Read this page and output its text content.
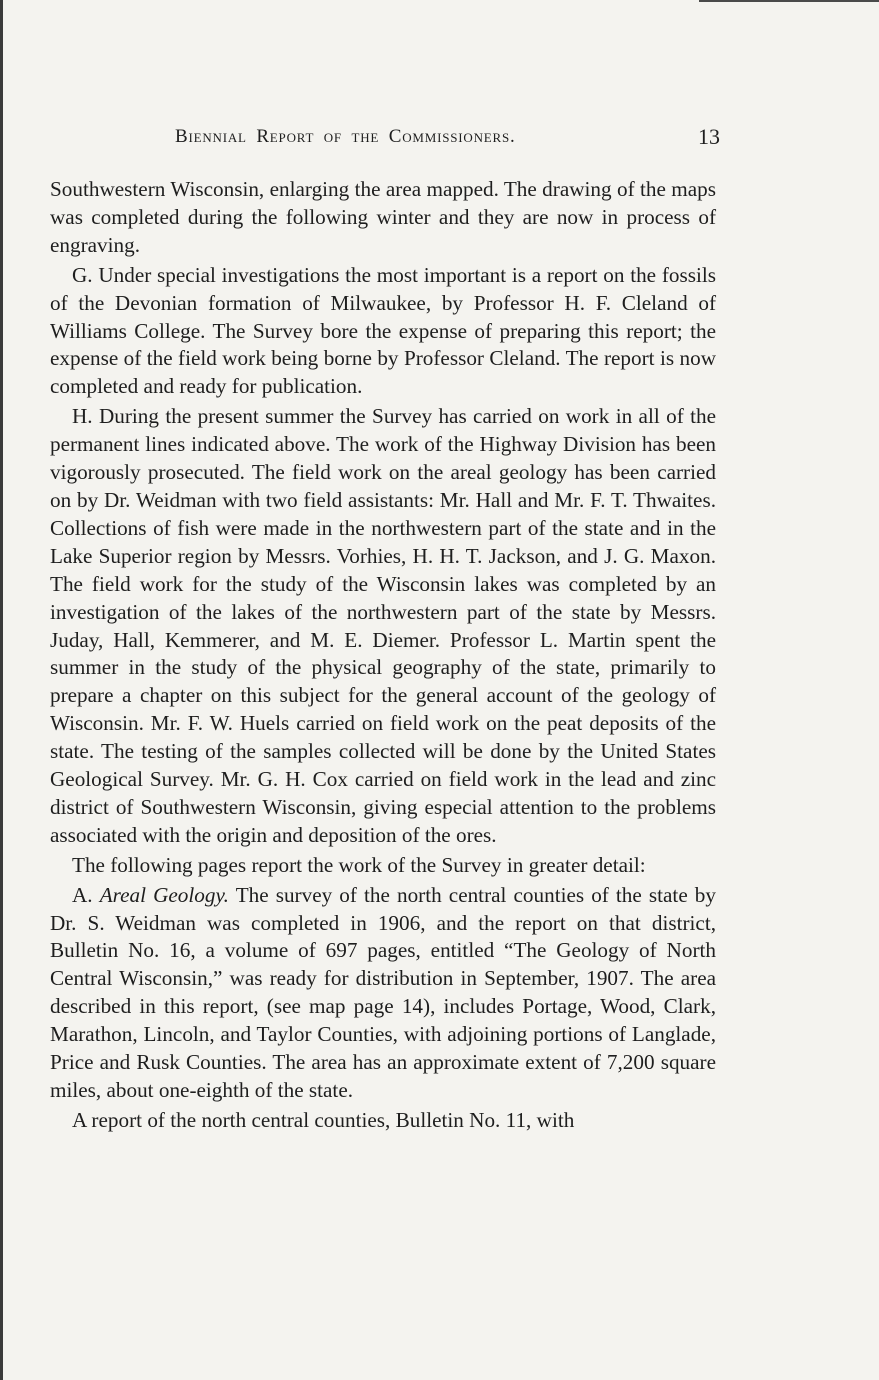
Biennial Report of the Commissioners.	13

Southwestern Wisconsin, enlarging the area mapped. The drawing of the maps was completed during the following winter and they are now in process of engraving.

G. Under special investigations the most important is a report on the fossils of the Devonian formation of Milwaukee, by Professor H. F. Cleland of Williams College. The Survey bore the expense of preparing this report; the expense of the field work being borne by Professor Cleland. The report is now completed and ready for publication.

H. During the present summer the Survey has carried on work in all of the permanent lines indicated above. The work of the Highway Division has been vigorously prosecuted. The field work on the areal geology has been carried on by Dr. Weidman with two field assistants: Mr. Hall and Mr. F. T. Thwaites. Collections of fish were made in the northwestern part of the state and in the Lake Superior region by Messrs. Vorhies, H. H. T. Jackson, and J. G. Maxon. The field work for the study of the Wisconsin lakes was completed by an investigation of the lakes of the northwestern part of the state by Messrs. Juday, Hall, Kemmerer, and M. E. Diemer. Professor L. Martin spent the summer in the study of the physical geography of the state, primarily to prepare a chapter on this subject for the general account of the geology of Wisconsin. Mr. F. W. Huels carried on field work on the peat deposits of the state. The testing of the samples collected will be done by the United States Geological Survey. Mr. G. H. Cox carried on field work in the lead and zinc district of Southwestern Wisconsin, giving especial attention to the problems associated with the origin and deposition of the ores.

The following pages report the work of the Survey in greater detail:

A. Areal Geology. The survey of the north central counties of the state by Dr. S. Weidman was completed in 1906, and the report on that district, Bulletin No. 16, a volume of 697 pages, entitled “The Geology of North Central Wisconsin,” was ready for distribution in September, 1907. The area described in this report, (see map page 14), includes Portage, Wood, Clark, Marathon, Lincoln, and Taylor Counties, with adjoining portions of Langlade, Price and Rusk Counties. The area has an approximate extent of 7,200 square miles, about one-eighth of the state.

A report of the north central counties, Bulletin No. 11, with
